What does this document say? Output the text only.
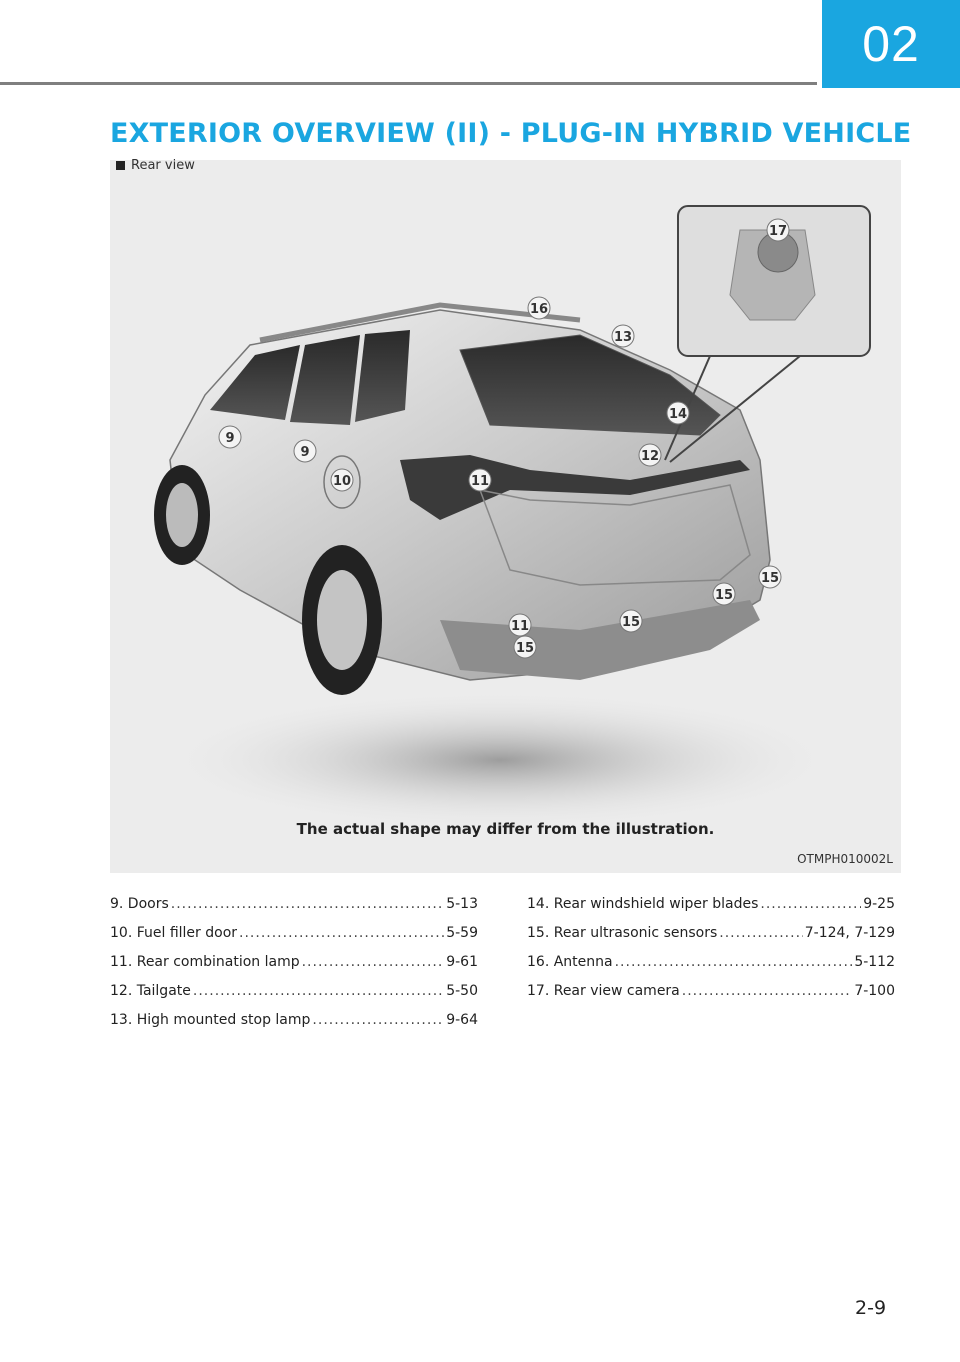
02
EXTERIOR OVERVIEW (II) - PLUG-IN HYBRID VEHICLE
9
9
10	11
11
12
13
14
15
15
15
15
16
17
The actual shape may differ from the illustration.
OTMPH010002L
Rear view
9. Doors .....	5-13
10. Fuel filler door .....	5-59
11. Rear combination lamp .....	9-61
12. Tailgate .....	5-50
13. High mounted stop lamp .....	9-64
14. Rear windshield wiper blades .....	9-25
15. Rear ultrasonic sensors .....	7-124, 7-129
16. Antenna .....	5-112
17. Rear view camera .....	7-100
2-9
